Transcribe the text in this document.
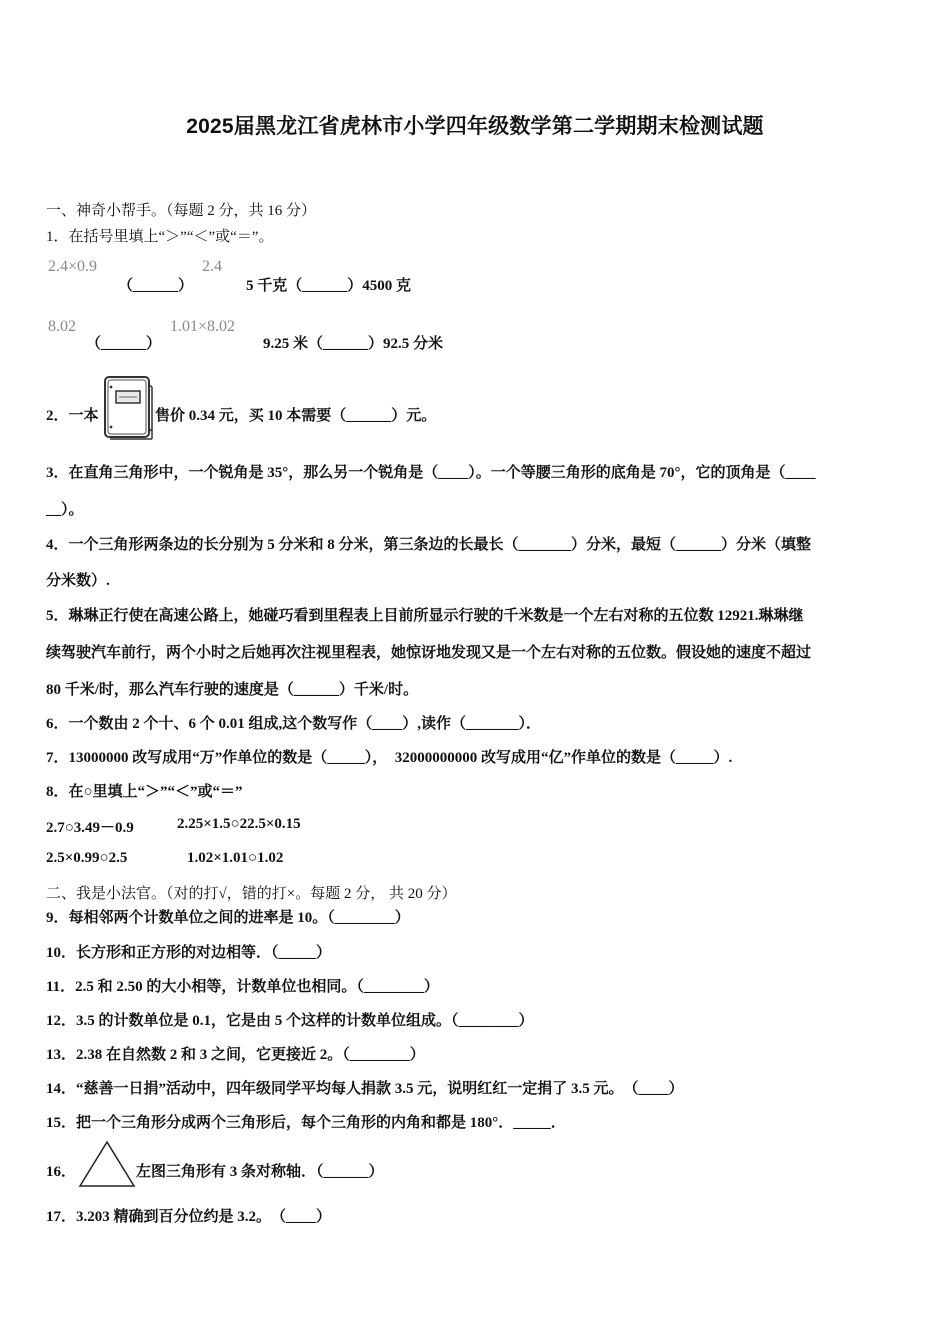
2025届黑龙江省虎林市小学四年级数学第二学期期末检测试题
一、神奇小帮手。（每题 2 分，共 16 分）
1．在括号里填上“＞”“＜”或“＝”。
2.4×0.9
（______）
2.4
5 千克（______）4500 克
8.02
（______）
1.01×8.02
9.25 米（______）92.5 分米
2．一本	售价 0.34 元，买 10 本需要（______）元。
3．在直角三角形中，一个锐角是 35°，那么另一个锐角是（____）。一个等腰三角形的底角是 70°，它的顶角是（____
__）。
4．一个三角形两条边的长分别为 5 分米和 8 分米，第三条边的长最长（_______）分米，最短（______）分米（填整
分米数）.
5．琳琳正行使在高速公路上，她碰巧看到里程表上目前所显示行驶的千米数是一个左右对称的五位数 12921.琳琳继
续驾驶汽车前行，两个小时之后她再次注视里程表，她惊讶地发现又是一个左右对称的五位数。假设她的速度不超过
80 千米/时，那么汽车行驶的速度是（______）千米/时。
6．一个数由 2 个十、6 个 0.01 组成,这个数写作（____）,读作（_______）．
7．13000000 改写成用“万”作单位的数是（_____），　32000000000 改写成用“亿”作单位的数是（_____）.
8．在○里填上“＞”“＜”或“＝”
2.7○3.49－0.9	2.25×1.5○22.5×0.15
2.5×0.99○2.5	1.02×1.01○1.02
二、我是小法官。（对的打√，错的打×。每题 2 分， 共 20 分）
9．每相邻两个计数单位之间的进率是 10。（________）
10．长方形和正方形的对边相等．（_____）
11．2.5 和 2.50 的大小相等，计数单位也相同。（________）
12．3.5 的计数单位是 0.1，它是由 5 个这样的计数单位组成。（________）
13．2.38 在自然数 2 和 3 之间，它更接近 2。（________）
14．“慈善一日捐”活动中，四年级同学平均每人捐款 3.5 元，说明红红一定捐了 3.5 元。　（____）
15．把一个三角形分成两个三角形后，每个三角形的内角和都是 180°．_____．
16．	左图三角形有 3 条对称轴．（______）
17．3.203 精确到百分位约是 3.2。　（____）
